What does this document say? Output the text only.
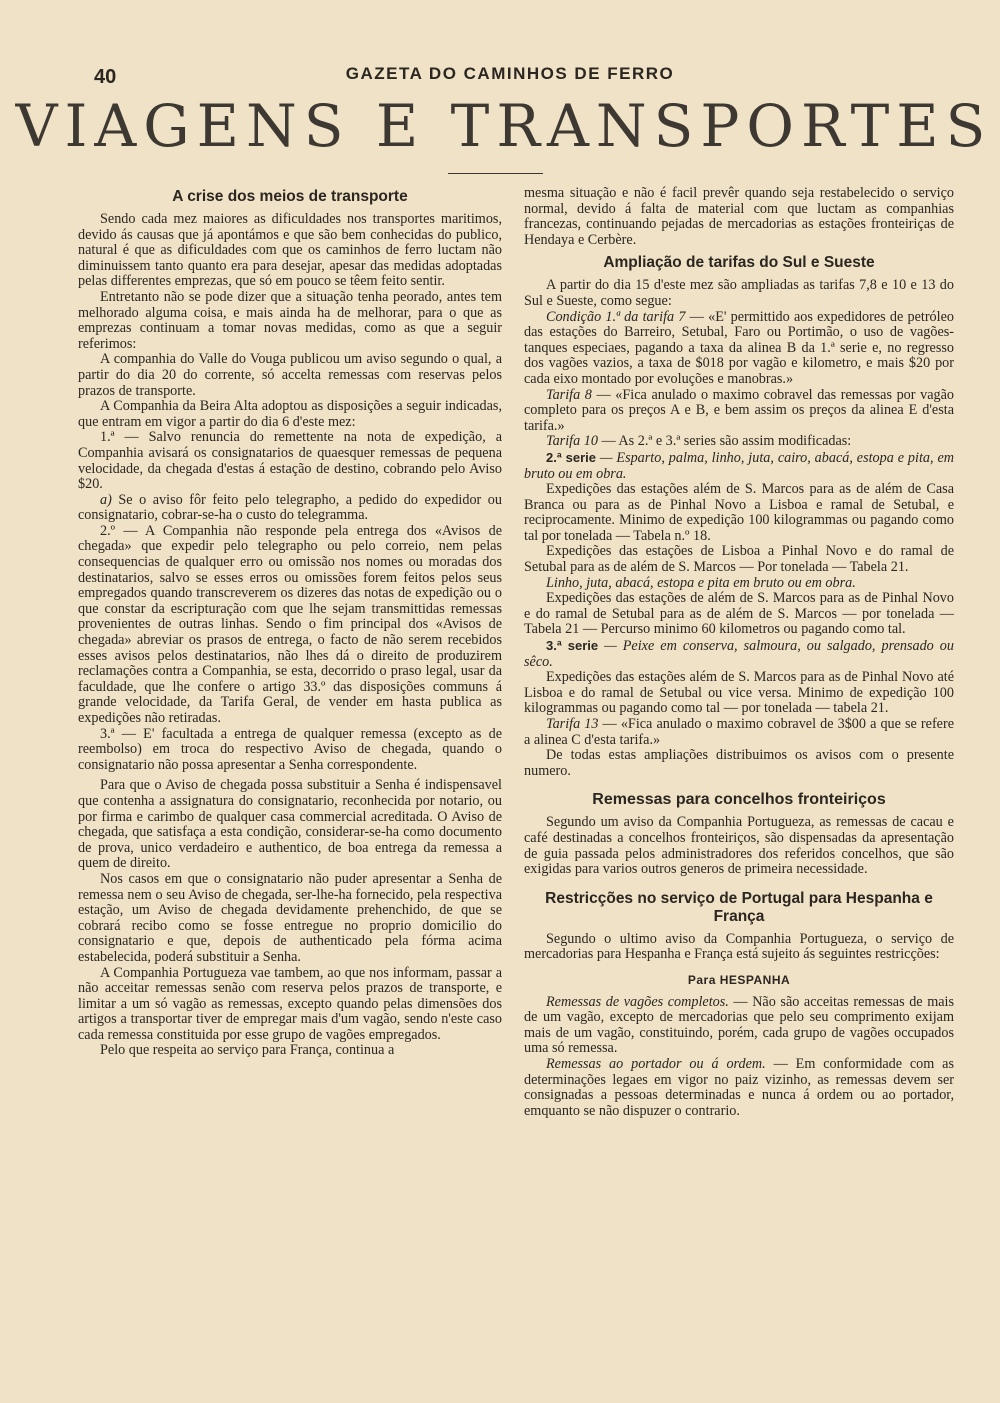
40	GAZETA DO CAMINHOS DE FERRO
VIAGENS E TRANSPORTES
A crise dos meios de transporte

Sendo cada mez maiores as dificuldades nos transportes maritimos, devido ás causas que já apontámos e que são bem conhecidas do publico, natural é que as dificuldades com que os caminhos de ferro luctam não diminuissem tanto quanto era para desejar, apesar das medidas adoptadas pelas differentes emprezas, que só em pouco se têem feito sentir.

Entretanto não se pode dizer que a situação tenha peorado, antes tem melhorado alguma coisa, e mais ainda ha de melhorar, para o que as emprezas continuam a tomar novas medidas, como as que a seguir referimos:

A companhia do Valle do Vouga publicou um aviso segundo o qual, a partir do dia 20 do corrente, só accelta remessas com reservas pelos prazos de transporte.

A Companhia da Beira Alta adoptou as disposições a seguir indicadas, que entram em vigor a partir do dia 6 d'este mez:

1.ª — Salvo renuncia do remettente na nota de expedição, a Companhia avisará os consignatarios de quaesquer remessas de pequena velocidade, da chegada d'estas á estação de destino, cobrando pelo Aviso $20.

a) Se o aviso fôr feito pelo telegrapho, a pedido do expedidor ou consignatario, cobrar-se-ha o custo do telegramma.

2.º — A Companhia não responde pela entrega dos «Avisos de chegada» que expedir pelo telegrapho ou pelo correio, nem pelas consequencias de qualquer erro ou omissão nos nomes ou moradas dos destinatarios, salvo se esses erros ou omissões forem feitos pelos seus empregados quando transcreverem os dizeres das notas de expedição ou o que constar da escripturação com que lhe sejam transmittidas remessas provenientes de outras linhas. Sendo o fim principal dos «Avisos de chegada» abreviar os prasos de entrega, o facto de não serem recebidos esses avisos pelos destinatarios, não lhes dá o direito de produzirem reclamações contra a Companhia, se esta, decorrido o praso legal, usar da faculdade, que lhe confere o artigo 33.º das disposições communs á grande velocidade, da Tarifa Geral, de vender em hasta publica as expedições não retiradas.

3.ª — E' facultada a entrega de qualquer remessa (excepto as de reembolso) em troca do respectivo Aviso de chegada, quando o consignatario não possa apresentar a Senha correspondente.

Para que o Aviso de chegada possa substituir a Senha é indispensavel que contenha a assignatura do consignatario, reconhecida por notario, ou por firma e carimbo de qualquer casa commercial acreditada. O Aviso de chegada, que satisfaça a esta condição, considerar-se-ha como documento de prova, unico verdadeiro e authentico, de boa entrega da remessa a quem de direito.

Nos casos em que o consignatario não puder apresentar a Senha de remessa nem o seu Aviso de chegada, ser-lhe-ha fornecido, pela respectiva estação, um Aviso de chegada devidamente prehenchido, de que se cobrará recibo como se fosse entregue no proprio domicilio do consignatario e que, depois de authenticado pela fórma acima estabelecida, poderá substituir a Senha.

A Companhia Portugueza vae tambem, ao que nos informam, passar a não acceitar remessas senão com reserva pelos prazos de transporte, e limitar a um só vagão as remessas, excepto quando pelas dimensões dos artigos a transportar tiver de empregar mais d'um vagão, sendo n'este caso cada remessa constituida por esse grupo de vagões empregados.

Pelo que respeita ao serviço para França, continua a

mesma situação e não é facil prevêr quando seja restabelecido o serviço normal, devido á falta de material com que luctam as companhias francezas, continuando pejadas de mercadorias as estações fronteiriças de Hendaya e Cerbère.

Ampliação de tarifas do Sul e Sueste

A partir do dia 15 d'este mez são ampliadas as tarifas 7,8 e 10 e 13 do Sul e Sueste, como segue:

Condição 1.ª da tarifa 7 — «E' permittido aos expedidores de petróleo das estações do Barreiro, Setubal, Faro ou Portimão, o uso de vagões-tanques especiaes, pagando a taxa da alinea B da 1.ª serie e, no regresso dos vagões vazios, a taxa de $018 por vagão e kilometro, e mais $20 por cada eixo montado por evoluções e manobras.»

Tarifa 8 — «Fica anulado o maximo cobravel das remessas por vagão completo para os preços A e B, e bem assim os preços da alinea E d'esta tarifa.»

Tarifa 10 — As 2.ª e 3.ª series são assim modificadas:

2.ª serie — Esparto, palma, linho, juta, cairo, abacá, estopa e pita, em bruto ou em obra.

Expedições das estações além de S. Marcos para as de além de Casa Branca ou para as de Pinhal Novo a Lisboa e ramal de Setubal, e reciprocamente. Minimo de expedição 100 kilogrammas ou pagando como tal por tonelada — Tabela n.º 18.

Expedições das estações de Lisboa a Pinhal Novo e do ramal de Setubal para as de além de S. Marcos — Por tonelada — Tabela 21.

Linho, juta, abacá, estopa e pita em bruto ou em obra.

Expedições das estações de além de S. Marcos para as de Pinhal Novo e do ramal de Setubal para as de além de S. Marcos — por tonelada — Tabela 21 — Percurso minimo 60 kilometros ou pagando como tal.

3.ª serie — Peixe em conserva, salmoura, ou salgado, prensado ou sêco.

Expedições das estações além de S. Marcos para as de Pinhal Novo até Lisboa e do ramal de Setubal ou vice versa. Minimo de expedição 100 kilogrammas ou pagando como tal — por tonelada — tabela 21.

Tarifa 13 — «Fica anulado o maximo cobravel de 3$00 a que se refere a alinea C d'esta tarifa.»

De todas estas ampliações distribuimos os avisos com o presente numero.

Remessas para concelhos fronteiriços

Segundo um aviso da Companhia Portugueza, as remessas de cacau e café destinadas a concelhos fronteiriços, são dispensadas da apresentação de guia passada pelos administradores dos referidos concelhos, que são exigidas para varios outros generos de primeira necessidade.

Restricções no serviço de Portugal para Hespanha e França

Segundo o ultimo aviso da Companhia Portugueza, o serviço de mercadorias para Hespanha e França está sujeito ás seguintes restricções:

Para HESPANHA

Remessas de vagões completos. — Não são acceitas remessas de mais de um vagão, excepto de mercadorias que pelo seu comprimento exijam mais de um vagão, constituindo, porém, cada grupo de vagões occupados uma só remessa.

Remessas ao portador ou á ordem. — Em conformidade com as determinações legaes em vigor no paiz vizinho, as remessas devem ser consignadas a pessoas determinadas e nunca á ordem ou ao portador, emquanto se não dispuzer o contrario.
